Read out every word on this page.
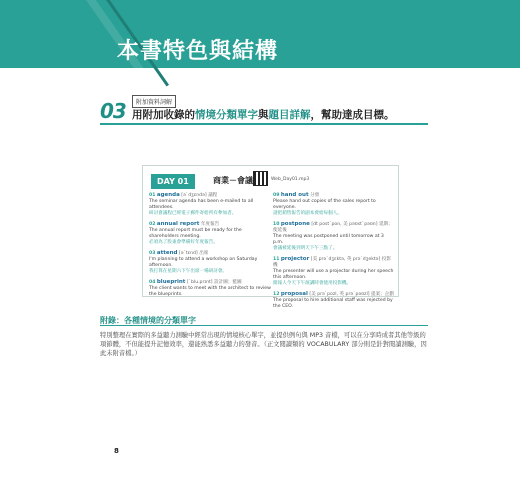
本書特色與結構
03	附加資料詞解
用附加收錄的情境分類單字與題目詳解，幫助達成目標。
DAY 01	商業－會議	Web_Day01.mp3
01 agenda [ə`dʒɛndə] 議程
The seminar agenda has been e-mailed to all attendees.
研討會議程已經電子郵件寄給所有參加者。
02 annual report 年度報告
The annual report must be ready for the shareholders meeting.
必須為了股東會準備好年度報告。
03 attend [ə`tɛnd] 出席
I'm planning to attend a workshop on Saturday afternoon.
我打算在星期六下午出席一場研討會。
04 blueprint [`blu.prɪnt] 設計圖；藍圖
The client wants to meet with the architect to review the blueprints.
09 hand out 分發
Please hand out copies of the sales report to everyone.
請把銷售報告的副本發給每個人。
10 postpone [dt post`pon, 美 pəʊst`pəʊn] 延期；使延後
The meeting was postponed until tomorrow at 3 p.m.
會議被延後到明天下午三點了。
11 projector [美 prə`dʒɛktə, 英 prə`dʒektə] 投影機
The presenter will use a projector during her speech this afternoon.
簡報人今天下午演講時會使用投影機。
12 proposal [美 prə`pozl, 英 prə`pəʊzl] 提案；企劃
The proposal to hire additional staff was rejected by the CEO.
附錄：各種情境的分類單字
特別整理在實際的多益聽力測驗中經常出現的情境核心單字，並提供例句與 MP3 音檔，可以在分享時成者其他等級的項節體，不但能提升記憶效率，還能熟悉多益聽力的發音。（正文閱讀類的 VOCABULARY 部分則是針對閱讀測驗，因此未附音檔。）
8
